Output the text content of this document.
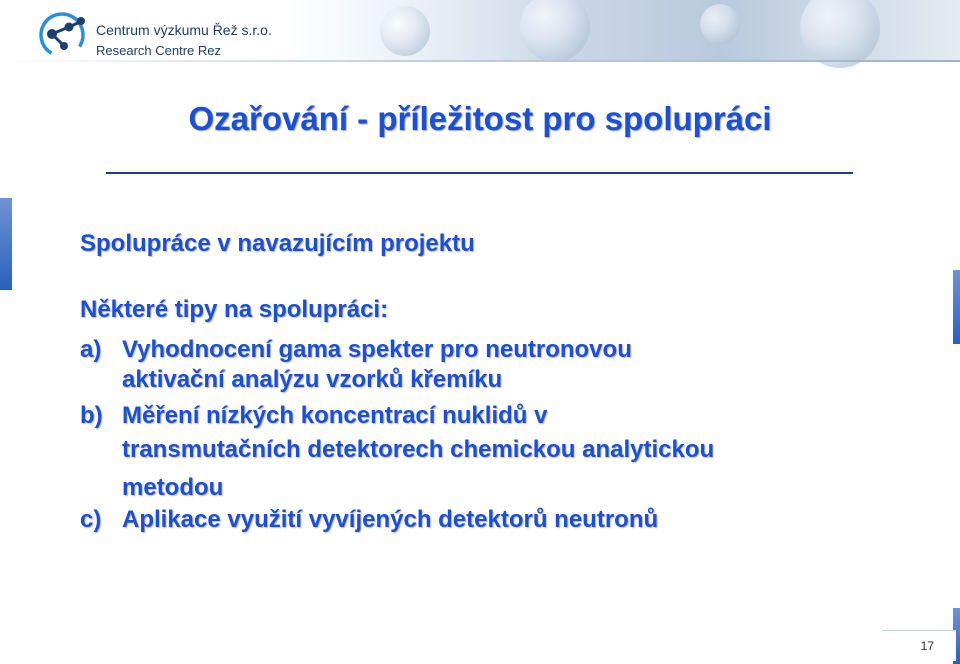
Centrum výzkumu Řež s.r.o.
Research Centre Rez
Ozařování - příležitost pro spolupráci
Spolupráce v navazujícím projektu
Některé tipy na spolupráci:
a) Vyhodnocení gama spekter pro neutronovou
aktivační analýzu vzorků křemíku
b) Měření nízkých koncentrací nuklidů v
transmutačních detektorech chemickou analytickou
metodou
c) Aplikace využití vyvíjených detektorů neutronů
17
